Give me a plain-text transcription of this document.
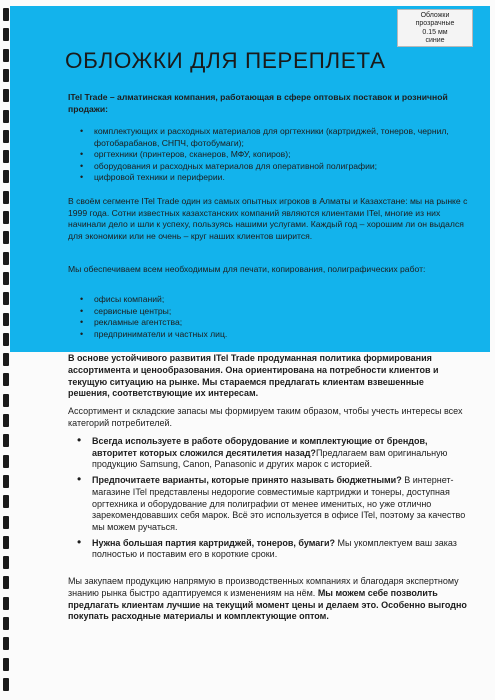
Обложки
прозрачные
0.15 мм
синие
ОБЛОЖКИ ДЛЯ ПЕРЕПЛЕТА
ITel Trade – алматинская компания, работающая в сфере оптовых поставок и розничной продажи:
• комплектующих и расходных материалов для оргтехники (картриджей, тонеров, чернил, фотобарабанов, СНПЧ, фотобумаги);
• оргтехники (принтеров, сканеров, МФУ, копиров);
• оборудования и расходных материалов для оперативной полиграфии;
• цифровой техники и периферии.

В своём сегменте ITel Trade один из самых опытных игроков в Алматы и Казахстане: мы на рынке с 1999 года. Сотни известных казахстанских компаний являются клиентами ITel, многие из них начинали дело и шли к успеху, пользуясь нашими услугами. Каждый год – хорошим ли он выдался для экономики или не очень – круг наших клиентов ширится.

Мы обеспечиваем всем необходимым для печати, копирования, полиграфических работ:

• офисы компаний;
• сервисные центры;
• рекламные агентства;
• предприниматели и частных лиц.

В основе устойчивого развития ITel Trade продуманная политика формирования ассортимента и ценообразования. Она ориентирована на потребности клиентов и текущую ситуацию на рынке. Мы стараемся предлагать клиентам взвешенные решения, соответствующие их интересам.

Ассортимент и складские запасы мы формируем таким образом, чтобы учесть интересы всех категорий потребителей.

• Всегда используете в работе оборудование и комплектующие от брендов, авторитет которых сложился десятилетия назад?Предлагаем вам оригинальную продукцию Samsung, Canon, Panasonic и других марок с историей.
• Предпочитаете варианты, которые принято называть бюджетными? В интернет-магазине ITel представлены недорогие совместимые картриджи и тонеры, доступная оргтехника и оборудование для полиграфии от менее именитых, но уже отлично зарекомендовавших себя марок. Всё это используется в офисе ITel, поэтому за качество мы можем ручаться.
• Нужна большая партия картриджей, тонеров, бумаги? Мы укомплектуем ваш заказ полностью и поставим его в короткие сроки.

Мы закупаем продукцию напрямую в производственных компаниях и благодаря экспертному знанию рынка быстро адаптируемся к изменениям на нём. Мы можем себе позволить предлагать клиентам лучшие на текущий момент цены и делаем это. Особенно выгодно покупать расходные материалы и комплектующие оптом.
